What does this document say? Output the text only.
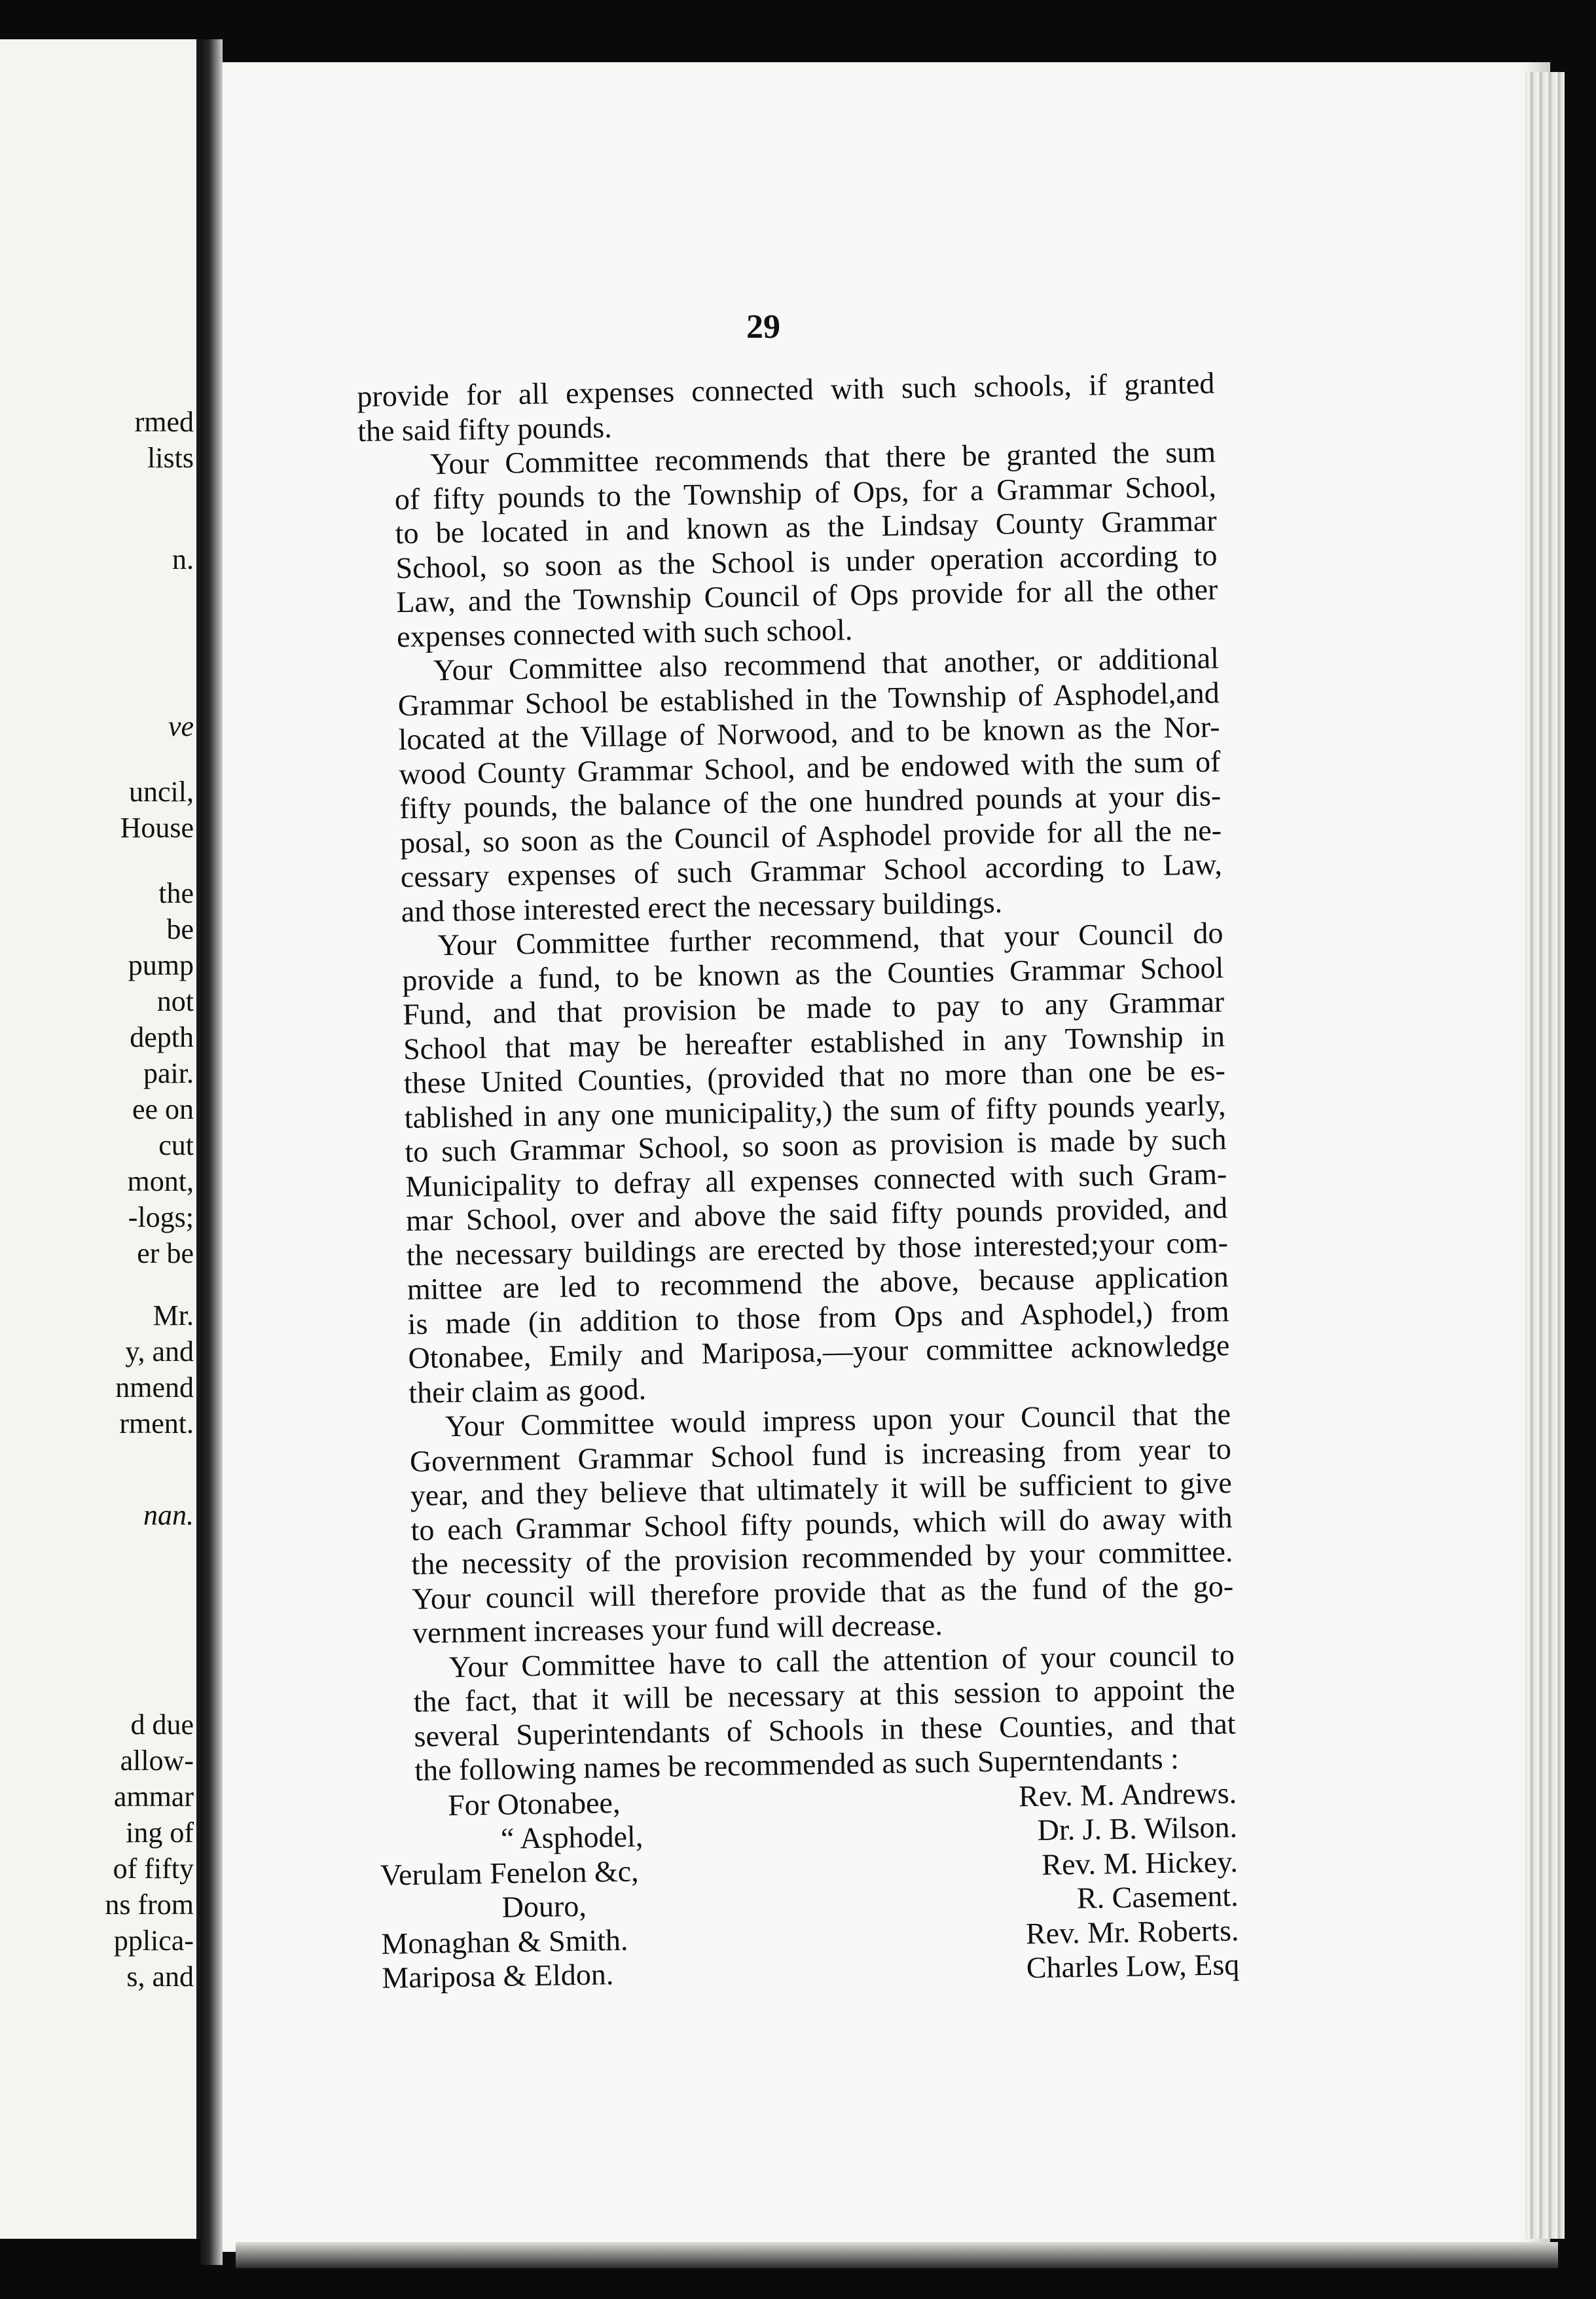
rmed
lists
n.
ve
uncil,
House
the
be
pump
not
depth
pair.
ee on
cut
mont,
-logs;
er be
Mr.
y, and
nmend
rment.
nan.
d due
allow-
ammar
ing of
of fifty
ns from
pplica-
s, and
29
provide for all expenses connected with such schools, if granted
the said fifty pounds.
Your Committee recommends that there be granted the sum
of fifty pounds to the Township of Ops, for a Grammar School,
to be located in and known as the Lindsay County Grammar
School, so soon as the School is under operation according to
Law, and the Township Council of Ops provide for all the other
expenses connected with such school.
Your Committee also recommend that another, or additional
Grammar School be established in the Township of Asphodel,and
located at the Village of Norwood, and to be known as the Nor-
wood County Grammar School, and be endowed with the sum of
fifty pounds, the balance of the one hundred pounds at your dis-
posal, so soon as the Council of Asphodel provide for all the ne-
cessary expenses of such Grammar School according to Law,
and those interested erect the necessary buildings.
Your Committee further recommend, that your Council do
provide a fund, to be known as the Counties Grammar School
Fund, and that provision be made to pay to any Grammar
School that may be hereafter established in any Township in
these United Counties, (provided that no more than one be es-
tablished in any one municipality,) the sum of fifty pounds yearly,
to such Grammar School, so soon as provision is made by such
Municipality to defray all expenses connected with such Gram-
mar School, over and above the said fifty pounds provided, and
the necessary buildings are erected by those interested;your com-
mittee are led to recommend the above, because application
is made (in addition to those from Ops and Asphodel,) from
Otonabee, Emily and Mariposa,—your committee acknowledge
their claim as good.
Your Committee would impress upon your Council that the
Government Grammar School fund is increasing from year to
year, and they believe that ultimately it will be sufficient to give
to each Grammar School fifty pounds, which will do away with
the necessity of the provision recommended by your committee.
Your council will therefore provide that as the fund of the go-
vernment increases your fund will decrease.
Your Committee have to call the attention of your council to
the fact, that it will be necessary at this session to appoint the
several Superintendants of Schools in these Counties, and that
the following names be recommended as such Superntendants :
For Otonabee,	Rev. M. Andrews.
“ Asphodel,	Dr. J. B. Wilson.
Verulam Fenelon &c,	Rev. M. Hickey.
Douro,	R. Casement.
Monaghan & Smith.	Rev. Mr. Roberts.
Mariposa & Eldon.	Charles Low, Esq
